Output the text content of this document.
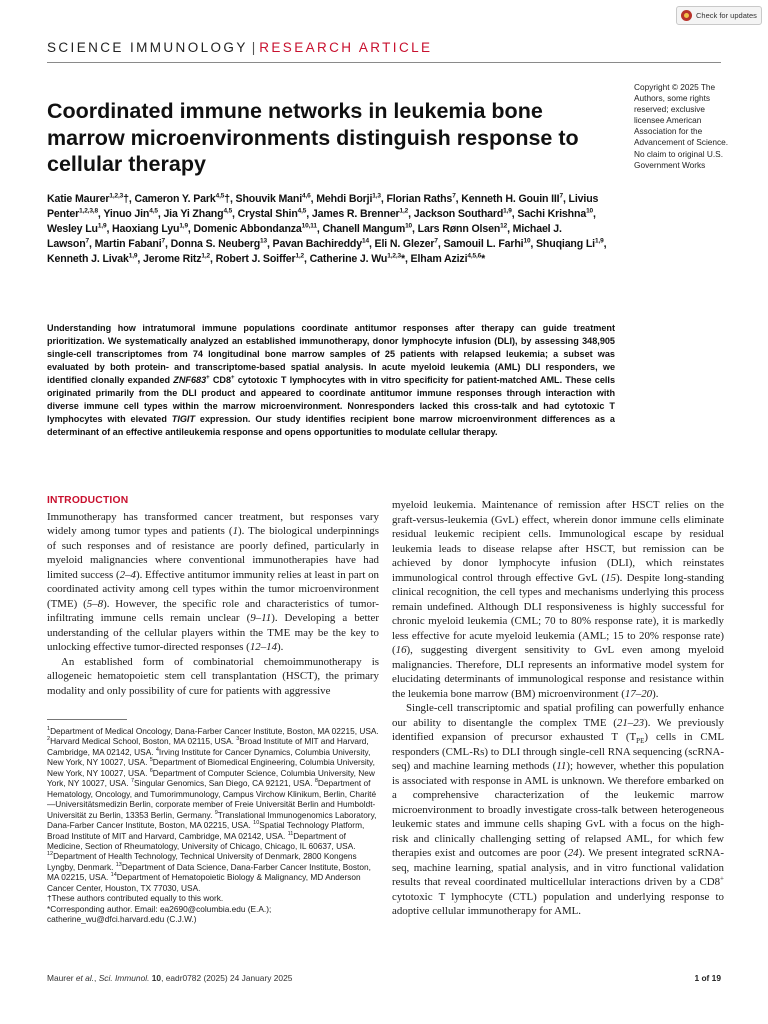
Check for updates
SCIENCE IMMUNOLOGY | RESEARCH ARTICLE
Copyright © 2025 The Authors, some rights reserved; exclusive licensee American Association for the Advancement of Science. No claim to original U.S. Government Works
Coordinated immune networks in leukemia bone marrow microenvironments distinguish response to cellular therapy
Katie Maurer$^{1,2,3}$†, Cameron Y. Park$^{4,5}$†, Shouvik Mani$^{4,6}$, Mehdi Borji$^{1,3}$, Florian Raths$^7$, Kenneth H. Gouin III$^7$, Livius Penter$^{1,2,3,8}$, Yinuo Jin$^{4,5}$, Jia Yi Zhang$^{4,5}$, Crystal Shin$^{4,5}$, James R. Brenner$^{1,2}$, Jackson Southard$^{1,9}$, Sachi Krishna$^{10}$, Wesley Lu$^{1,9}$, Haoxiang Lyu$^{1,9}$, Domenic Abbondanza$^{10,11}$, Chanell Mangum$^{10}$, Lars Rønn Olsen$^{12}$, Michael J. Lawson$^7$, Martin Fabani$^7$, Donna S. Neuberg$^{13}$, Pavan Bachireddy$^{14}$, Eli N. Glezer$^7$, Samouil L. Farhi$^{10}$, Shuqiang Li$^{1,9}$, Kenneth J. Livak$^{1,9}$, Jerome Ritz$^{1,2}$, Robert J. Soiffer$^{1,2}$, Catherine J. Wu$^{1,2,3}$*, Elham Azizi$^{4,5,6}$*

Understanding how intratumoral immune populations coordinate antitumor responses after therapy can guide treatment prioritization. We systematically analyzed an established immunotherapy, donor lymphocyte infusion (DLI), by assessing 348,905 single-cell transcriptomes from 74 longitudinal bone marrow samples of 25 patients with relapsed leukemia; a subset was evaluated by both protein- and transcriptome-based spatial analysis. In acute myeloid leukemia (AML) DLI responders, we identified clonally expanded ZNF683+ CD8+ cytotoxic T lymphocytes with in vitro specificity for patient-matched AML. These cells originated primarily from the DLI product and appeared to coordinate antitumor immune responses through interaction with diverse immune cell types within the marrow microenvironment. Nonresponders lacked this cross-talk and had cytotoxic T lymphocytes with elevated TIGIT expression. Our study identifies recipient bone marrow microenvironment differences as a determinant of an effective antileukemia response and opens opportunities to modulate cellular therapy.

INTRODUCTION

Immunotherapy has transformed cancer treatment, but responses vary widely among tumor types and patients (1). The biological underpinnings of such responses and of resistance are poorly defined, particularly in myeloid malignancies where conventional immunotherapies have had limited success (2–4). Effective antitumor immunity relies at least in part on coordinated activity among cell types within the tumor microenvironment (TME) (5–8). However, the specific role and characteristics of tumor-infiltrating immune cells remain unclear (9–11). Developing a better understanding of the cellular players within the TME may be the key to unlocking effective tumor-directed responses (12–14).

An established form of combinatorial chemoimmunotherapy is allogeneic hematopoietic stem cell transplantation (HSCT), the primary modality and only possibility of cure for patients with aggressive

myeloid leukemia. Maintenance of remission after HSCT relies on the graft-versus-leukemia (GvL) effect, wherein donor immune cells eliminate residual leukemic recipient cells. Immunological escape by residual leukemia leads to disease relapse after HSCT, but remission can be achieved by donor lymphocyte infusion (DLI), which reinstates immunological control through effective GvL (15). Despite long-standing clinical recognition, the cell types and mechanisms underlying this process remain undefined. Although DLI responsiveness is highly successful for chronic myeloid leukemia (CML; 70 to 80% response rate), it is markedly less effective for acute myeloid leukemia (AML; 15 to 20% response rate) (16), suggesting divergent sensitivity to GvL even among myeloid malignancies. Therefore, DLI represents an informative model system for elucidating determinants of immunological response and resistance within the leukemia bone marrow (BM) microenvironment (17–20).

Single-cell transcriptomic and spatial profiling can powerfully enhance our ability to disentangle the complex TME (21–23). We previously identified expansion of precursor exhausted T $(T_{PE})$ cells in CML responders (CML-Rs) to DLI through single-cell RNA sequencing (scRNA-seq) and machine learning methods (11); however, whether this population is associated with response in AML is unknown. We therefore embarked on a comprehensive characterization of the leukemic marrow microenvironment to broadly investigate cross-talk between heterogeneous leukemic states and immune cells shaping GvL with a focus on the high-risk and clinically challenging setting of relapsed AML, for which few therapies exist and outcomes are poor (24). We present integrated scRNA-seq, machine learning, spatial analysis, and in vitro functional validation results that reveal coordinated multicellular interactions driven by a CD8+ cytotoxic T lymphocyte (CTL) population and underlying response to adoptive cellular immunotherapy for AML.

$^1$Department of Medical Oncology, Dana-Farber Cancer Institute, Boston, MA 02215, USA. $^2$Harvard Medical School, Boston, MA 02115, USA. $^3$Broad Institute of MIT and Harvard, Cambridge, MA 02142, USA. $^4$Irving Institute for Cancer Dynamics, Columbia University, New York, NY 10027, USA. $^5$Department of Biomedical Engineering, Columbia University, New York, NY 10027, USA. $^6$Department of Computer Science, Columbia University, New York, NY 10027, USA. $^7$Singular Genomics, San Diego, CA 92121, USA. $^8$Department of Hematology, Oncology, and Tumorimmunology, Campus Virchow Klinikum, Berlin, Charité—Universitätsmedizin Berlin, corporate member of Freie Universität Berlin and Humboldt-Universität zu Berlin, 13353 Berlin, Germany. $^9$Translational Immunogenomics Laboratory, Dana-Farber Cancer Institute, Boston, MA 02215, USA. $^{10}$Spatial Technology Platform, Broad Institute of MIT and Harvard, Cambridge, MA 02142, USA. $^{11}$Department of Medicine, Section of Rheumatology, University of Chicago, Chicago, IL 60637, USA. $^{12}$Department of Health Technology, Technical University of Denmark, 2800 Kongens Lyngby, Denmark. $^{13}$Department of Data Science, Dana-Farber Cancer Institute, Boston, MA 02215, USA. $^{14}$Department of Hematopoietic Biology & Malignancy, MD Anderson Cancer Center, Houston, TX 77030, USA.

†These authors contributed equally to this work.

*Corresponding author. Email: ea2690@columbia.edu (E.A.); catherine_wu@dfci.harvard.edu (C.J.W.)

Maurer et al., Sci. Immunol. 10, eadr0782 (2025) 24 January 2025	1 of 19
